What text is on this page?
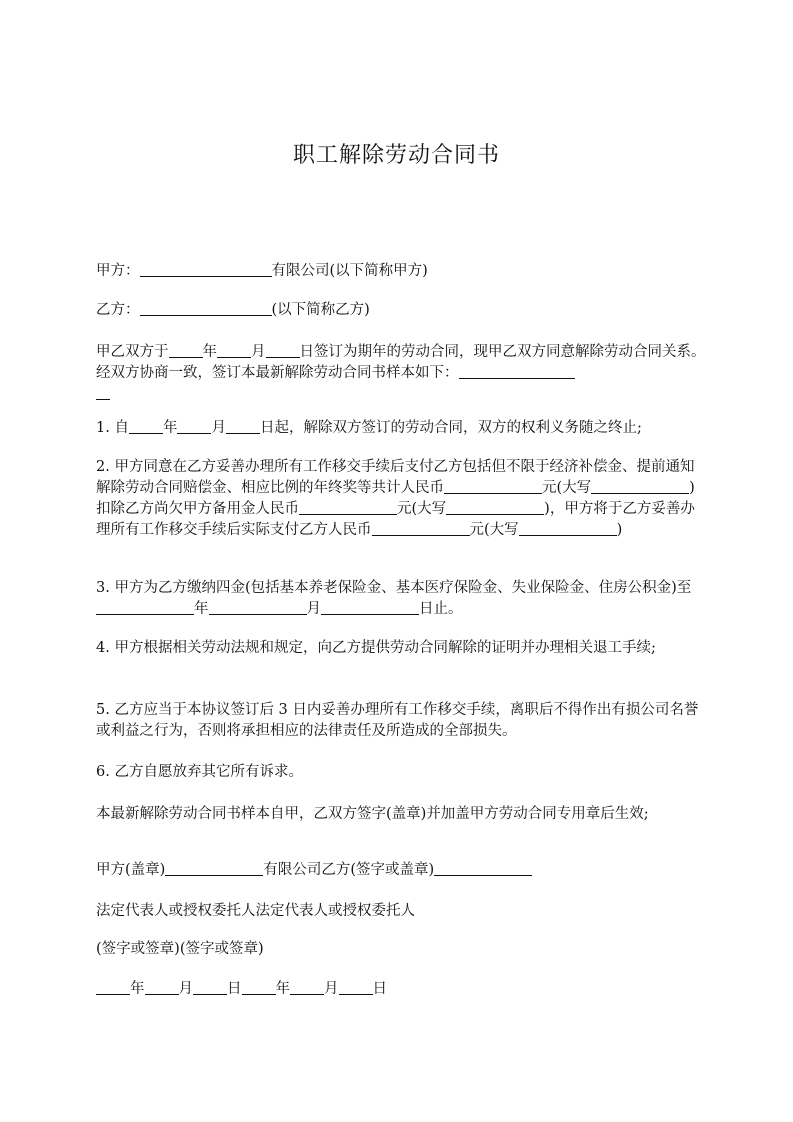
职工解除劳动合同书
甲方：	有限公司(以下简称甲方)
乙方：	(以下简称乙方)
甲乙双方于 年 月 日签订为期年的劳动合同，现甲乙双方同意解除劳动合同关系。经双方协商一致，签订本最新解除劳动合同书样本如下：

1. 自 年 月 日起，解除双方签订的劳动合同，双方的权利义务随之终止;
2. 甲方同意在乙方妥善办理所有工作移交手续后支付乙方包括但不限于经济补偿金、提前通知解除劳动合同赔偿金、相应比例的年终奖等共计人民币	元(大写	)扣除乙方尚欠甲方备用金人民币	元(大写	)，甲方将于乙方妥善办理所有工作移交手续后实际支付乙方人民币	元(大写	)
3. 甲方为乙方缴纳四金(包括基本养老保险金、基本医疗保险金、失业保险金、住房公积金)至年	月	日止。
4. 甲方根据相关劳动法规和规定，向乙方提供劳动合同解除的证明并办理相关退工手续;
5. 乙方应当于本协议签订后 3 日内妥善办理所有工作移交手续，离职后不得作出有损公司名誉或利益之行为，否则将承担相应的法律责任及所造成的全部损失。
6. 乙方自愿放弃其它所有诉求。
本最新解除劳动合同书样本自甲，乙双方签字(盖章)并加盖甲方劳动合同专用章后生效;
甲方(盖章)	有限公司乙方(签字或盖章)
法定代表人或授权委托人法定代表人或授权委托人
(签字或签章)(签字或签章)
年 月 日 年 月 日
